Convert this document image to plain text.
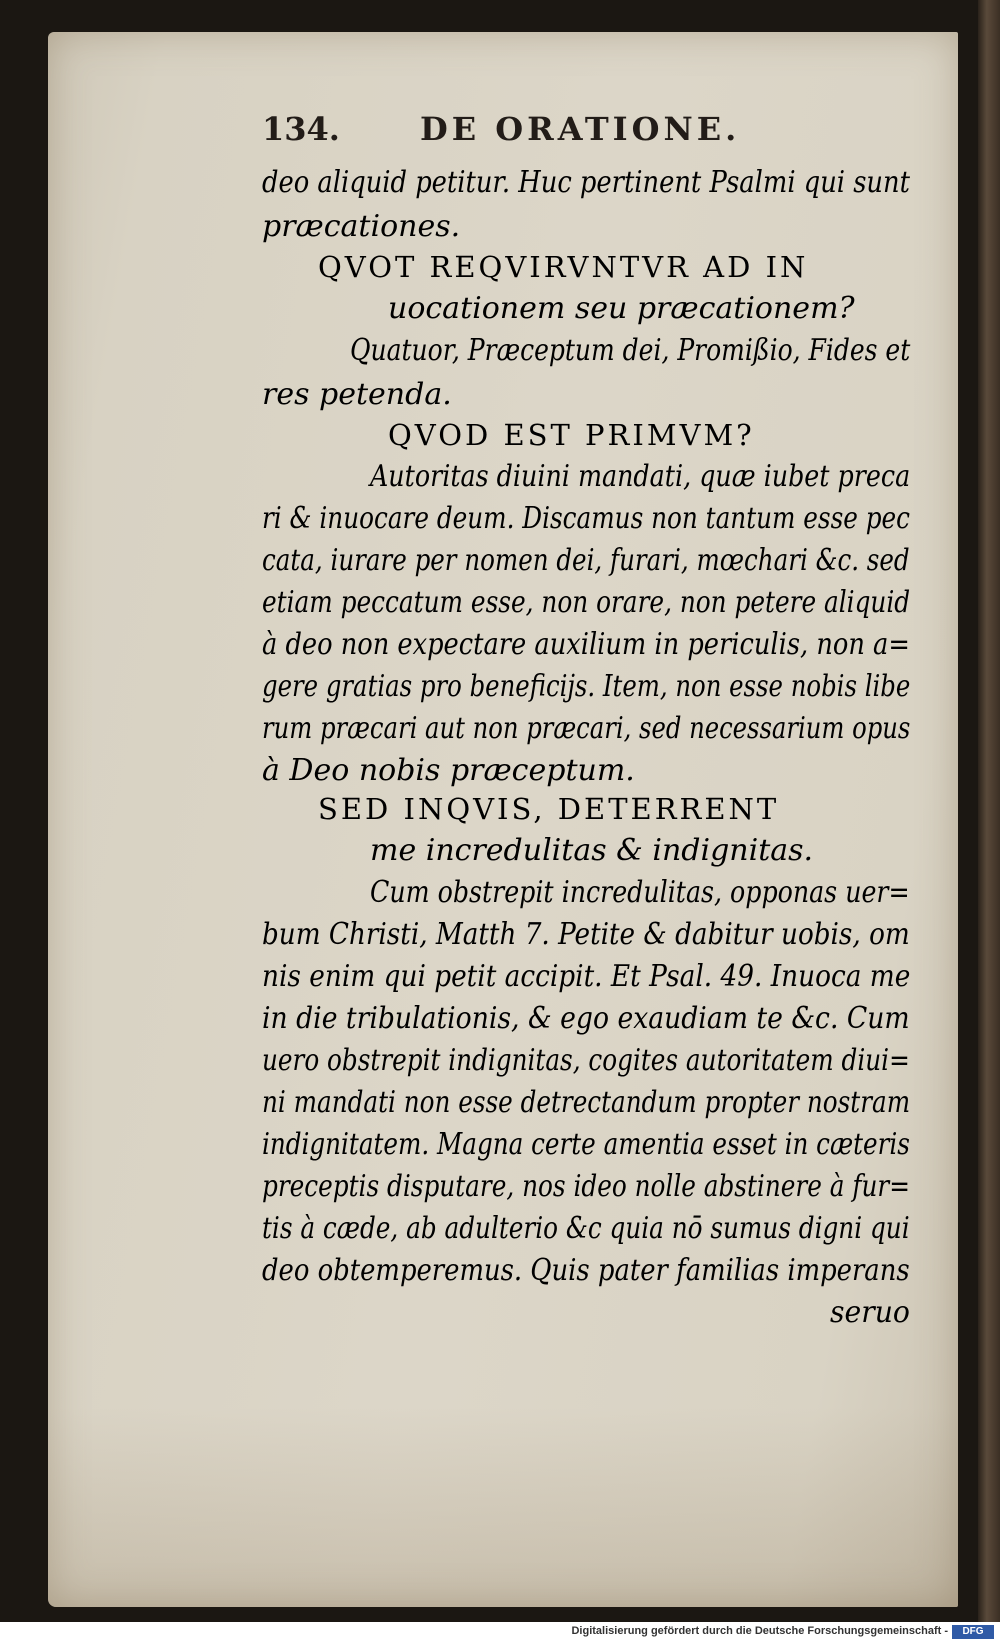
134.	DE ORATIONE.
deo aliquid petitur. Huc pertinent Psalmi qui sunt
præcationes.
QVOT REQVIRVNTVR AD IN
uocationem seu præcationem?
Quatuor, Præceptum dei, Promißio, Fides et
res petenda.
QVOD EST PRIMVM?
Autoritas diuini mandati, quæ iubet preca
ri & inuocare deum. Discamus non tantum esse pec
cata, iurare per nomen dei, furari, mœchari &c. sed
etiam peccatum esse, non orare, non petere aliquid
à deo non expectare auxilium in periculis, non a=
gere gratias pro beneficijs. Item, non esse nobis libe
rum præcari aut non præcari, sed necessarium opus
à Deo nobis præceptum.
SED INQVIS, DETERRENT
me incredulitas & indignitas.
Cum obstrepit incredulitas, opponas uer=
bum Christi, Matth 7. Petite & dabitur uobis, om
nis enim qui petit accipit. Et Psal. 49. Inuoca me
in die tribulationis, & ego exaudiam te &c. Cum
uero obstrepit indignitas, cogites autoritatem diui=
ni mandati non esse detrectandum propter nostram
indignitatem. Magna certe amentia esset in cæteris
preceptis disputare, nos ideo nolle abstinere à fur=
tis à cæde, ab adulterio &c quia nō sumus digni qui
deo obtemperemus. Quis pater familias imperans
seruo
Digitalisierung gefördert durch die Deutsche Forschungsgemeinschaft -	DFG
